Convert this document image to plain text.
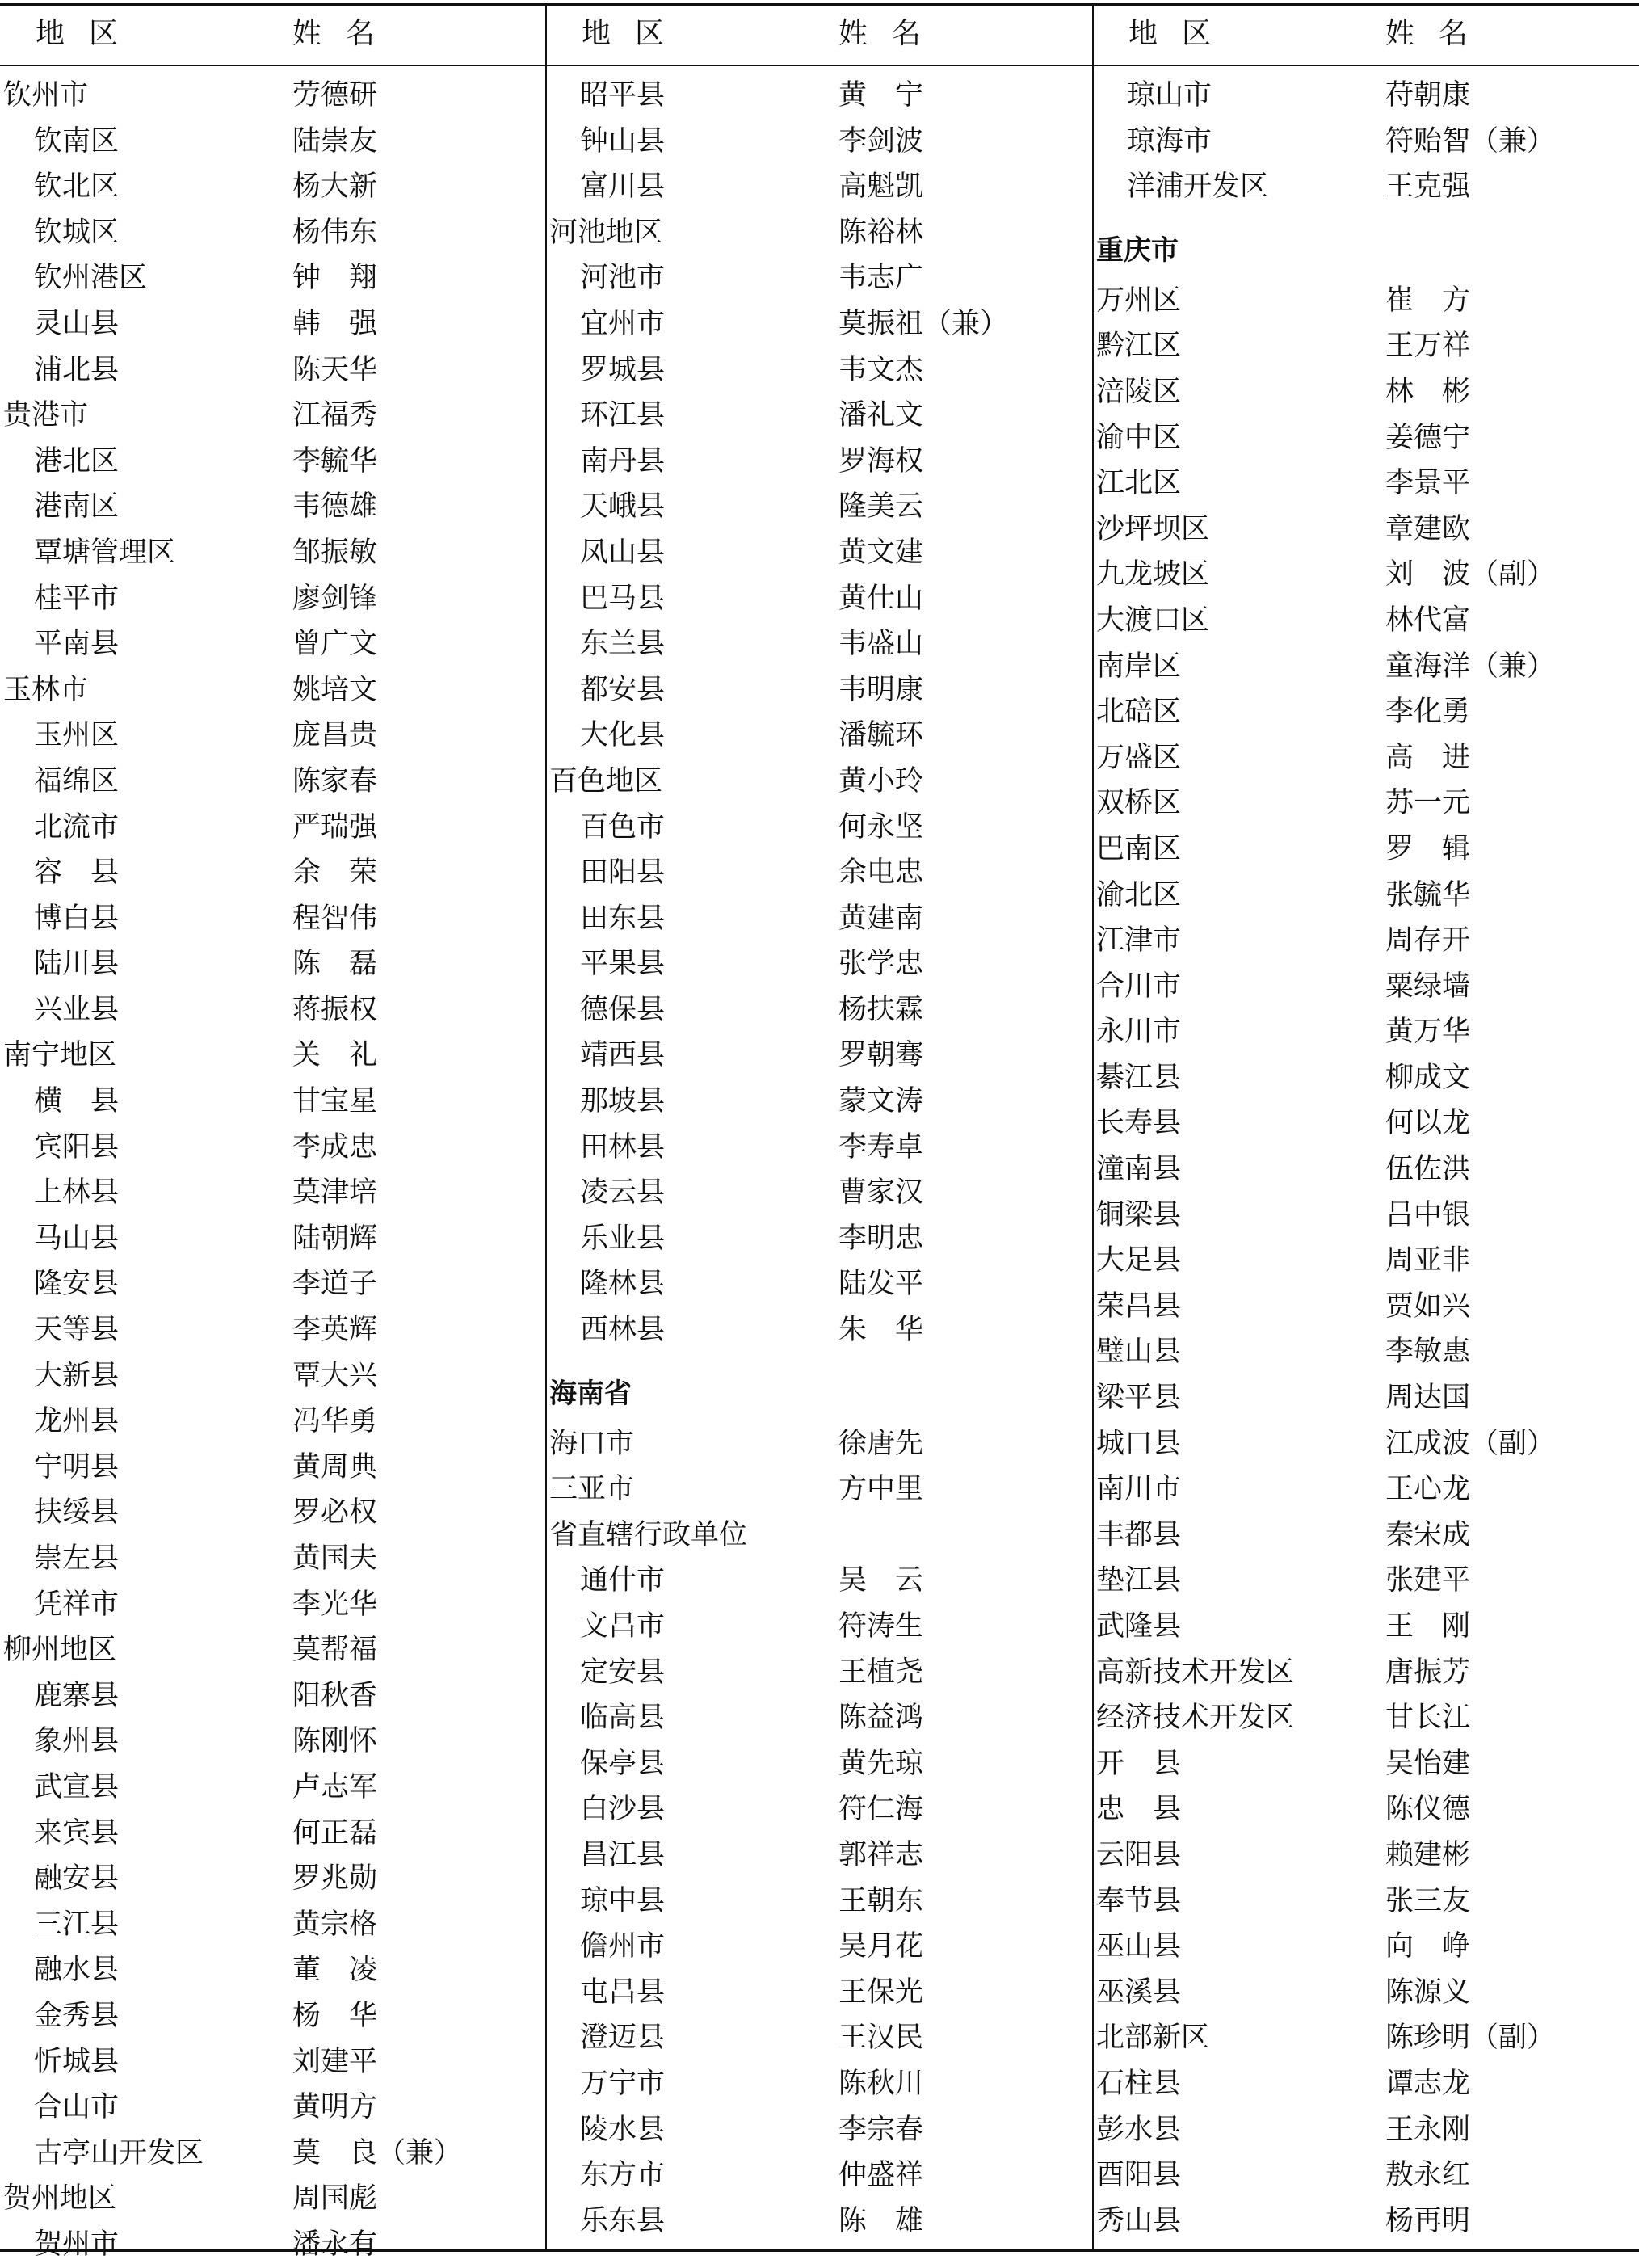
地区	姓名
钦州市	劳德研
钦南区	陆崇友
钦北区	杨大新
钦城区	杨伟东
钦州港区	钟　翔
灵山县	韩　强
浦北县	陈天华
贵港市	江福秀
港北区	李毓华
港南区	韦德雄
覃塘管理区	邹振敏
桂平市	廖剑锋
平南县	曾广文
玉林市	姚培文
玉州区	庞昌贵
福绵区	陈家春
北流市	严瑞强
容　县	余　荣
博白县	程智伟
陆川县	陈　磊
兴业县	蒋振权
南宁地区	关　礼
横　县	甘宝星
宾阳县	李成忠
上林县	莫津培
马山县	陆朝辉
隆安县	李道子
天等县	李英辉
大新县	覃大兴
龙州县	冯华勇
宁明县	黄周典
扶绥县	罗必权
崇左县	黄国夫
凭祥市	李光华
柳州地区	莫帮福
鹿寨县	阳秋香
象州县	陈刚怀
武宣县	卢志军
来宾县	何正磊
融安县	罗兆勋
三江县	黄宗格
融水县	董　凌
金秀县	杨　华
忻城县	刘建平
合山市	黄明方
古亭山开发区	莫　良（兼）
贺州地区	周国彪
贺州市	潘永有
地区	姓名
昭平县	黄　宁
钟山县	李剑波
富川县	高魁凯
河池地区	陈裕林
河池市	韦志广
宜州市	莫振祖（兼）
罗城县	韦文杰
环江县	潘礼文
南丹县	罗海权
天峨县	隆美云
凤山县	黄文建
巴马县	黄仕山
东兰县	韦盛山
都安县	韦明康
大化县	潘毓环
百色地区	黄小玲
百色市	何永坚
田阳县	余电忠
田东县	黄建南
平果县	张学忠
德保县	杨扶霖
靖西县	罗朝骞
那坡县	蒙文涛
田林县	李寿卓
凌云县	曹家汉
乐业县	李明忠
隆林县	陆发平
西林县	朱　华
海南省
海口市	徐唐先
三亚市	方中里
省直辖行政单位
通什市	吴　云
文昌市	符涛生
定安县	王植尧
临高县	陈益鸿
保亭县	黄先琼
白沙县	符仁海
昌江县	郭祥志
琼中县	王朝东
儋州市	吴月花
屯昌县	王保光
澄迈县	王汉民
万宁市	陈秋川
陵水县	李宗春
东方市	仲盛祥
乐东县	陈　雄
地区	姓名
琼山市	苻朝康
琼海市	符贻智（兼）
洋浦开发区	王克强
重庆市
万州区	崔　方
黔江区	王万祥
涪陵区	林　彬
渝中区	姜德宁
江北区	李景平
沙坪坝区	章建欧
九龙坡区	刘　波（副）
大渡口区	林代富
南岸区	童海洋（兼）
北碚区	李化勇
万盛区	高　进
双桥区	苏一元
巴南区	罗　辑
渝北区	张毓华
江津市	周存开
合川市	粟绿墙
永川市	黄万华
綦江县	柳成文
长寿县	何以龙
潼南县	伍佐洪
铜梁县	吕中银
大足县	周亚非
荣昌县	贾如兴
璧山县	李敏惠
梁平县	周达国
城口县	江成波（副）
南川市	王心龙
丰都县	秦宋成
垫江县	张建平
武隆县	王　刚
高新技术开发区	唐振芳
经济技术开发区	甘长江
开　县	吴怡建
忠　县	陈仪德
云阳县	赖建彬
奉节县	张三友
巫山县	向　峥
巫溪县	陈源义
北部新区	陈珍明（副）
石柱县	谭志龙
彭水县	王永刚
酉阳县	敖永红
秀山县	杨再明
